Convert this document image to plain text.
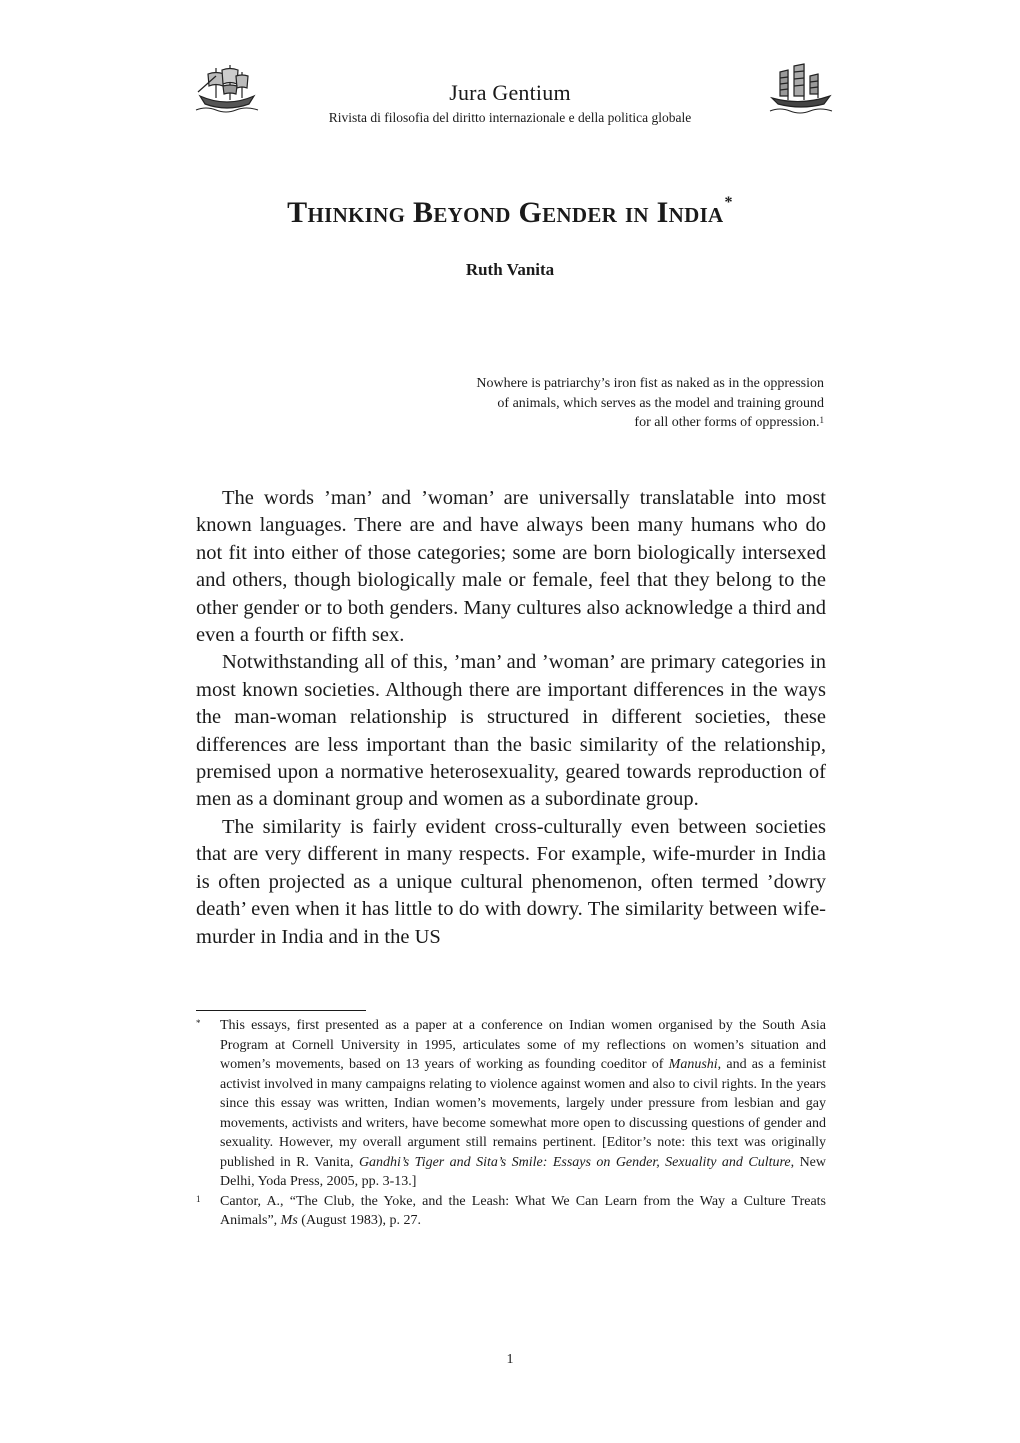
Jura Gentium
Rivista di filosofia del diritto internazionale e della politica globale
Thinking Beyond Gender in India*
Ruth Vanita
Nowhere is patriarchy’s iron fist as naked as in the oppression
of animals, which serves as the model and training ground
for all other forms of oppression.$^1$

The words ’man’ and ’woman’ are universally translatable into most known languages. There are and have always been many humans who do not fit into either of those categories; some are born biologically intersexed and others, though biologically male or female, feel that they belong to the other gender or to both genders. Many cultures also acknowledge a third and even a fourth or fifth sex.

Notwithstanding all of this, ’man’ and ’woman’ are primary categories in most known societies. Although there are important differences in the ways the man-woman relationship is structured in different societies, these differences are less important than the basic similarity of the relationship, premised upon a normative heterosexuality, geared towards reproduction of men as a dominant group and women as a subordinate group.

The similarity is fairly evident cross-culturally even between societies that are very different in many respects. For example, wife-murder in India is often projected as a unique cultural phenomenon, often termed ’dowry death’ even when it has little to do with dowry. The similarity between wife-murder in India and in the US

* This essays, first presented as a paper at a conference on Indian women organised by the South Asia Program at Cornell University in 1995, articulates some of my reflections on women’s situation and women’s movements, based on 13 years of working as founding coeditor of Manushi, and as a feminist activist involved in many campaigns relating to violence against women and also to civil rights. In the years since this essay was written, Indian women’s movements, largely under pressure from lesbian and gay movements, activists and writers, have become somewhat more open to discussing questions of gender and sexuality. However, my overall argument still remains pertinent. [Editor’s note: this text was originally published in R. Vanita, Gandhi’s Tiger and Sita’s Smile: Essays on Gender, Sexuality and Culture, New Delhi, Yoda Press, 2005, pp. 3-13.]

1 Cantor, A., “The Club, the Yoke, and the Leash: What We Can Learn from the Way a Culture Treats Animals”, Ms (August 1983), p. 27.

1
